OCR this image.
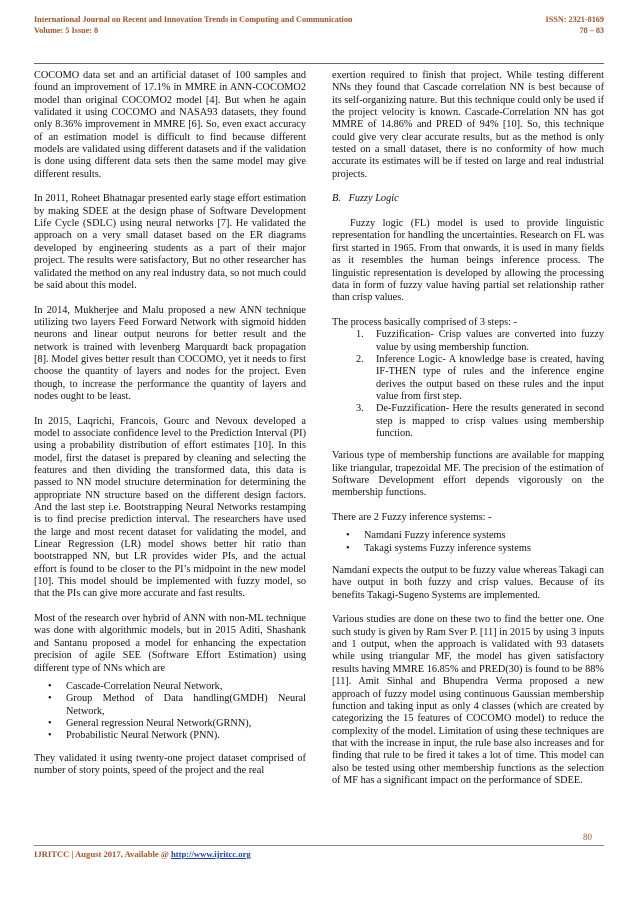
International Journal on Recent and Innovation Trends in Computing and Communication	ISSN: 2321-8169
Volume: 5 Issue: 8	78 – 83

COCOMO data set and an artificial dataset of 100 samples and found an improvement of 17.1% in MMRE in ANN-COCOMO2 model than original COCOMO2 model [4]. But when he again validated it using COCOMO and NASA93 datasets, they found only 8.36% improvement in MMRE [6]. So, even exact accuracy of an estimation model is difficult to find because different models are validated using different datasets and if the validation is done using different data sets then the same model may give different results.

In 2011, Roheet Bhatnagar presented early stage effort estimation by making SDEE at the design phase of Software Development Life Cycle (SDLC) using neural networks [7]. He validated the approach on a very small dataset based on the ER diagrams developed by engineering students as a part of their major project. The results were satisfactory, But no other researcher has validated the method on any real industry data, so not much could be said about this model.

In 2014, Mukherjee and Malu proposed a new ANN technique utilizing two layers Feed Forward Network with sigmoid hidden neurons and linear output neurons for better result and the network is trained with levenberg Marquardt back propagation [8]. Model gives better result than COCOMO, yet it needs to first choose the quantity of layers and nodes for the project. Even though, to increase the performance the quantity of layers and nodes ought to be least.

In 2015, Laqrichi, Francois, Gourc and Nevoux developed a model to associate confidence level to the Prediction Interval (PI) using a probability distribution of effort estimates [10]. In this model, first the dataset is prepared by cleaning and selecting the features and then dividing the transformed data, this data is passed to NN model structure determination for determining the appropriate NN structure based on the different design factors. And the last step i.e. Bootstrapping Neural Networks restamping is to find precise prediction interval. The researchers have used the large and most recent dataset for validating the model, and Linear Regression (LR) model shows better hit ratio than bootstrapped NN, but LR provides wider PIs, and the actual effort is found to be closer to the PI’s midpoint in the new model [10]. This model should be implemented with fuzzy model, so that the PIs can give more accurate and fast results.

Most of the research over hybrid of ANN with non-ML technique was done with algorithmic models, but in 2015 Aditi, Shashank and Santanu proposed a model for enhancing the expectation precision of agile SEE (Software Effort Estimation) using different type of NNs which are

• Cascade-Correlation Neural Network,
• Group Method of Data handling(GMDH) Neural Network,
• General regression Neural Network(GRNN),
• Probabilistic Neural Network (PNN).

They validated it using twenty-one project dataset comprised of number of story points, speed of the project and the real

exertion required to finish that project. While testing different NNs they found that Cascade correlation NN is best because of its self-organizing nature. But this technique could only be used if the project velocity is known. Cascade-Correlation NN has got MMRE of 14.86% and PRED of 94% [10]. So, this technique could give very clear accurate results, but as the method is only tested on a small dataset, there is no conformity of how much accurate its estimates will be if tested on large and real industrial projects.

B. Fuzzy Logic

Fuzzy logic (FL) model is used to provide linguistic representation for handling the uncertainties. Research on FL was first started in 1965. From that onwards, it is used in many fields as it resembles the human beings inference process. The linguistic representation is developed by allowing the processing data in form of fuzzy value having partial set relationship rather than crisp values.

The process basically comprised of 3 steps: -

1. Fuzzification- Crisp values are converted into fuzzy value by using membership function.
2. Inference Logic- A knowledge base is created, having IF-THEN type of rules and the inference engine derives the output based on these rules and the input value from first step.
3. De-Fuzzification- Here the results generated in second step is mapped to crisp values using membership function.

Various type of membership functions are available for mapping like triangular, trapezoidal MF. The precision of the estimation of Software Development effort depends vigorously on the membership functions.

There are 2 Fuzzy inference systems: -

• Namdani Fuzzy inference systems
• Takagi systems Fuzzy inference systems

Namdani expects the output to be fuzzy value whereas Takagi can have output in both fuzzy and crisp values. Because of its benefits Takagi-Sugeno Systems are implemented.

Various studies are done on these two to find the better one. One such study is given by Ram Sver P. [11] in 2015 by using 3 inputs and 1 output, when the approach is validated with 93 datasets while using triangular MF, the model has given satisfactory results having MMRE 16.85% and PRED(30) is found to be 88% [11]. Amit Sinhal and Bhupendra Verma proposed a new approach of fuzzy model using continuous Gaussian membership function and taking input as only 4 classes (which are created by categorizing the 15 features of COCOMO model) to reduce the complexity of the model. Limitation of using these techniques are that with the increase in input, the rule base also increases and for finding that rule to be fired it takes a lot of time. This model can also be tested using other membership functions as the selection of MF has a significant impact on the performance of SDEE.

80
IJRITCC | August 2017, Available @ http://www.ijritcc.org
